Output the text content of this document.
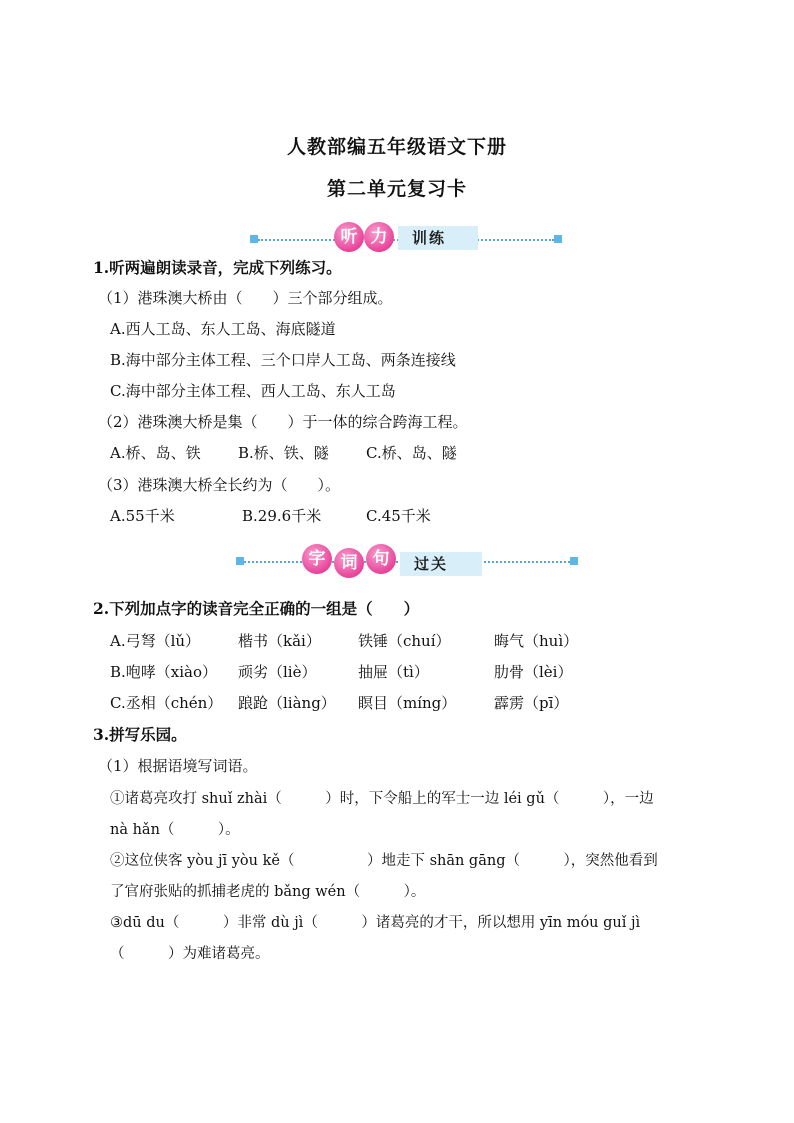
人教部编五年级语文下册
第二单元复习卡
听 力	训练
1.听两遍朗读录音，完成下列练习。
（1）港珠澳大桥由（　　）三个部分组成。
A.西人工岛、东人工岛、海底隧道
B.海中部分主体工程、三个口岸人工岛、两条连接线
C.海中部分主体工程、西人工岛、东人工岛
（2）港珠澳大桥是集（　　）于一体的综合跨海工程。
A.桥、岛、铁 B.桥、铁、隧 C.桥、岛、隧
（3）港珠澳大桥全长约为（　　）。
A.55千米	B.29.6千米	C.45千米
字 词 句	过关
2.下列加点字的读音完全正确的一组是（　　）
A.弓弩（lǔ）	楷书（kǎi） 铁锤（chuí）	晦气（huì）
B.咆哮（xiào） 顽劣（liè）	抽屉（tì）	肋骨（lèi）
C.丞相（chén） 踉跄（liàng） 瞑目（míng）	霹雳（pī）
3.拼写乐园。
（1）根据语境写词语。
①诸葛亮攻打 shuǐ zhài（　　　）时，下令船上的军士一边 léi gǔ（　　　），一边
nà hǎn（　　　）。
②这位侠客 yòu jī yòu kě（　　　　　）地走下 shān gāng（　　　），突然他看到
了官府张贴的抓捕老虎的 bǎng wén（　　　）。
③dū du（　　　）非常 dù jì（　　　）诸葛亮的才干，所以想用 yīn móu guǐ jì
（　　　）为难诸葛亮。
